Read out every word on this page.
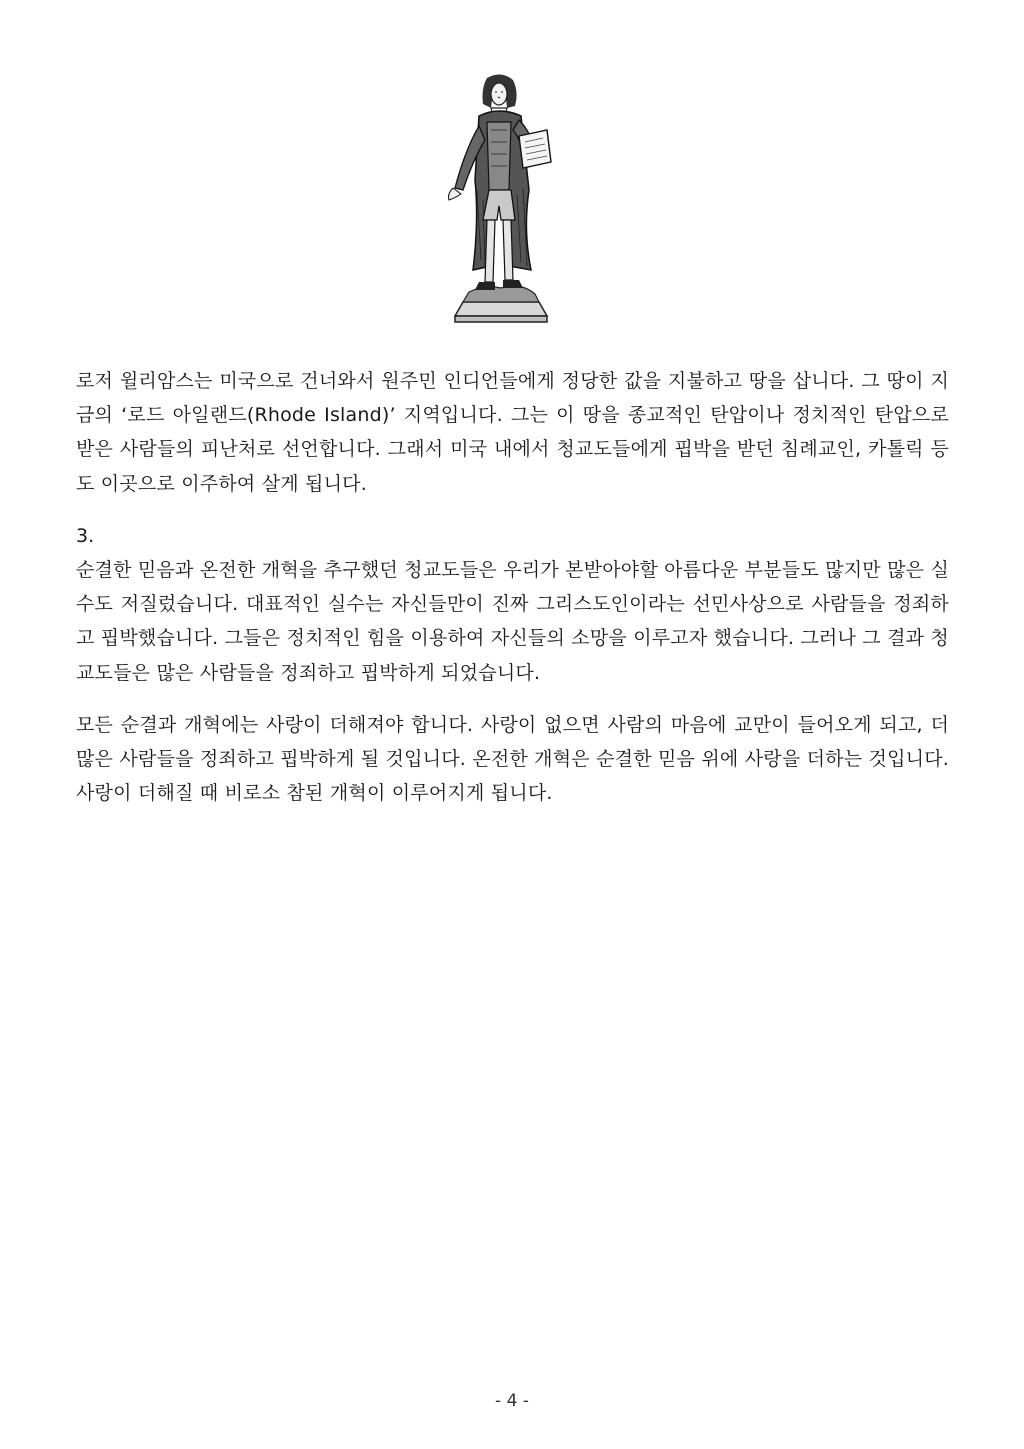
로저 윌리암스는 미국으로 건너와서 원주민 인디언들에게 정당한 값을 지불하고 땅을 삽니다. 그 땅이 지금의 ‘로드 아일랜드(Rhode Island)’ 지역입니다. 그는 이 땅을 종교적인 탄압이나 정치적인 탄압으로 받은 사람들의 피난처로 선언합니다. 그래서 미국 내에서 청교도들에게 핍박을 받던 침례교인, 카톨릭 등도 이곳으로 이주하여 살게 됩니다.

3.

순결한 믿음과 온전한 개혁을 추구했던 청교도들은 우리가 본받아야할 아름다운 부분들도 많지만 많은 실수도 저질렀습니다. 대표적인 실수는 자신들만이 진짜 그리스도인이라는 선민사상으로 사람들을 정죄하고 핍박했습니다. 그들은 정치적인 힘을 이용하여 자신들의 소망을 이루고자 했습니다. 그러나 그 결과 청교도들은 많은 사람들을 정죄하고 핍박하게 되었습니다.

모든 순결과 개혁에는 사랑이 더해져야 합니다. 사랑이 없으면 사람의 마음에 교만이 들어오게 되고, 더 많은 사람들을 정죄하고 핍박하게 될 것입니다. 온전한 개혁은 순결한 믿음 위에 사랑을 더하는 것입니다. 사랑이 더해질 때 비로소 참된 개혁이 이루어지게 됩니다.

- 4 -
